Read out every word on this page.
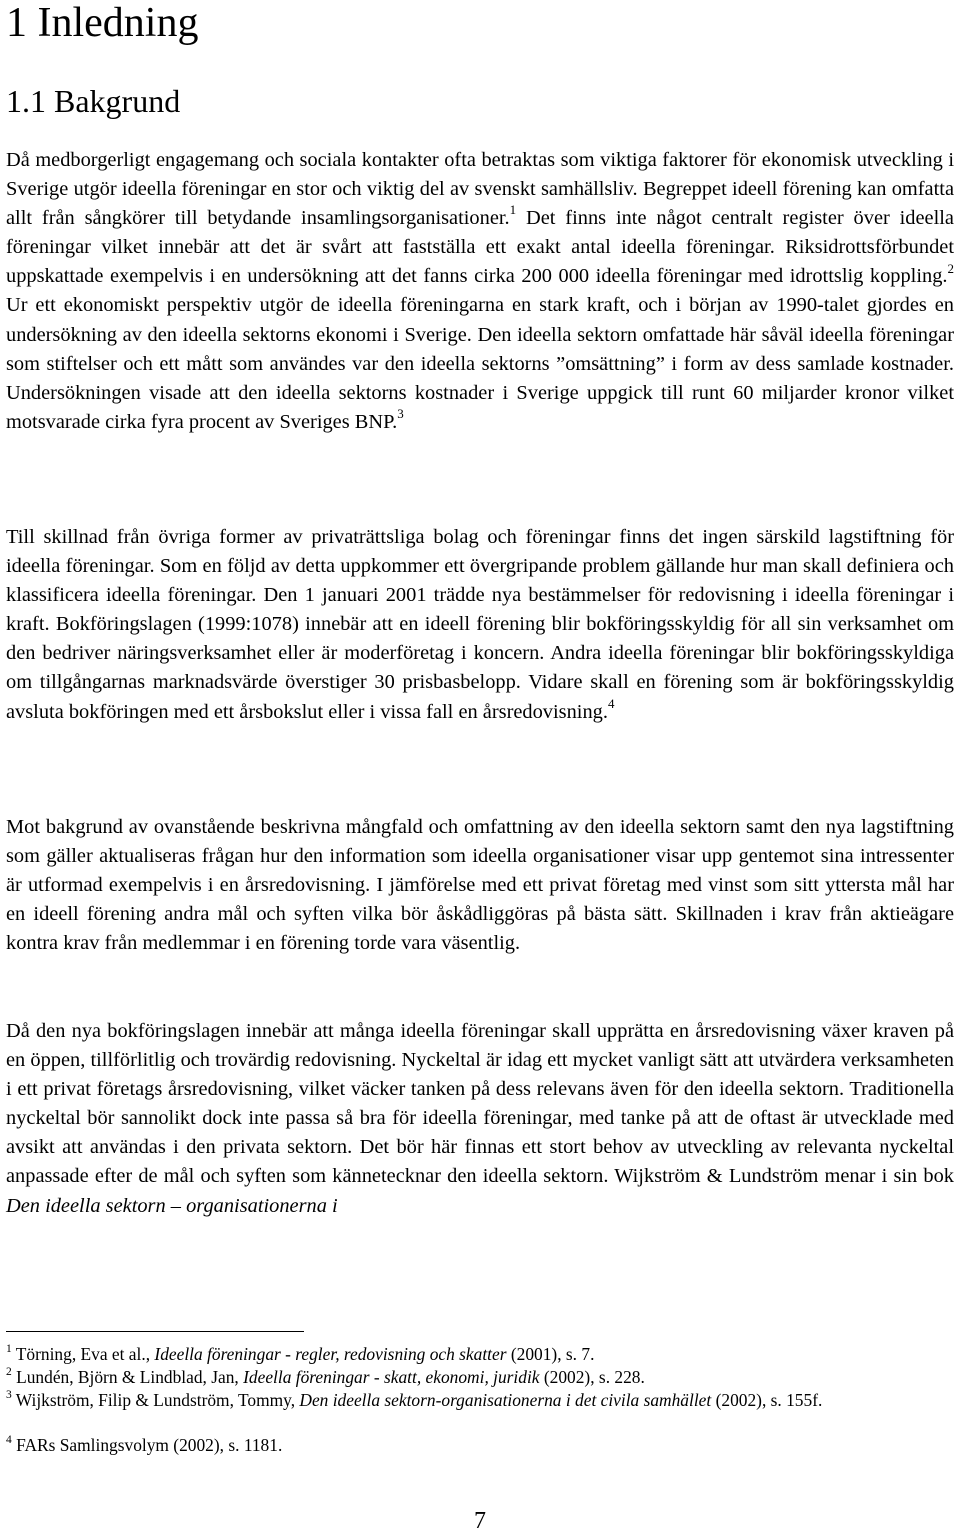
1 Inledning
1.1 Bakgrund

Då medborgerligt engagemang och sociala kontakter ofta betraktas som viktiga faktorer för ekonomisk utveckling i Sverige utgör ideella föreningar en stor och viktig del av svenskt samhällsliv. Begreppet ideell förening kan omfatta allt från sångkörer till betydande insamlingsorganisationer.$^1$ Det finns inte något centralt register över ideella föreningar vilket innebär att det är svårt att fastställa ett exakt antal ideella föreningar. Riksidrottsförbundet uppskattade exempelvis i en undersökning att det fanns cirka 200 000 ideella föreningar med idrottslig koppling.$^2$ Ur ett ekonomiskt perspektiv utgör de ideella föreningarna en stark kraft, och i början av 1990-talet gjordes en undersökning av den ideella sektorns ekonomi i Sverige. Den ideella sektorn omfattade här såväl ideella föreningar som stiftelser och ett mått som användes var den ideella sektorns ”omsättning” i form av dess samlade kostnader. Undersökningen visade att den ideella sektorns kostnader i Sverige uppgick till runt 60 miljarder kronor vilket motsvarade cirka fyra procent av Sveriges BNP.$^3$

Till skillnad från övriga former av privaträttsliga bolag och föreningar finns det ingen särskild lagstiftning för ideella föreningar. Som en följd av detta uppkommer ett övergripande problem gällande hur man skall definiera och klassificera ideella föreningar. Den 1 januari 2001 trädde nya bestämmelser för redovisning i ideella föreningar i kraft. Bokföringslagen (1999:1078) innebär att en ideell förening blir bokföringsskyldig för all sin verksamhet om den bedriver näringsverksamhet eller är moderföretag i koncern. Andra ideella föreningar blir bokföringsskyldiga om tillgångarnas marknadsvärde överstiger 30 prisbasbelopp. Vidare skall en förening som är bokföringsskyldig avsluta bokföringen med ett årsbokslut eller i vissa fall en årsredovisning.$^4$

Mot bakgrund av ovanstående beskrivna mångfald och omfattning av den ideella sektorn samt den nya lagstiftning som gäller aktualiseras frågan hur den information som ideella organisationer visar upp gentemot sina intressenter är utformad exempelvis i en årsredovisning. I jämförelse med ett privat företag med vinst som sitt yttersta mål har en ideell förening andra mål och syften vilka bör åskådliggöras på bästa sätt. Skillnaden i krav från aktieägare kontra krav från medlemmar i en förening torde vara väsentlig.

Då den nya bokföringslagen innebär att många ideella föreningar skall upprätta en årsredovisning växer kraven på en öppen, tillförlitlig och trovärdig redovisning. Nyckeltal är idag ett mycket vanligt sätt att utvärdera verksamheten i ett privat företags årsredovisning, vilket väcker tanken på dess relevans även för den ideella sektorn. Traditionella nyckeltal bör sannolikt dock inte passa så bra för ideella föreningar, med tanke på att de oftast är utvecklade med avsikt att användas i den privata sektorn. Det bör här finnas ett stort behov av utveckling av relevanta nyckeltal anpassade efter de mål och syften som kännetecknar den ideella sektorn. Wijkström & Lundström menar i sin bok Den ideella sektorn – organisationerna i

$^1$ Törning, Eva et al., Ideella föreningar - regler, redovisning och skatter (2001), s. 7.

$^2$ Lundén, Björn & Lindblad, Jan, Ideella föreningar - skatt, ekonomi, juridik (2002), s. 228.

$^3$ Wijkström, Filip & Lundström, Tommy, Den ideella sektorn-organisationerna i det civila samhället (2002), s. 155f.

$^4$ FARs Samlingsvolym (2002), s. 1181.

7
